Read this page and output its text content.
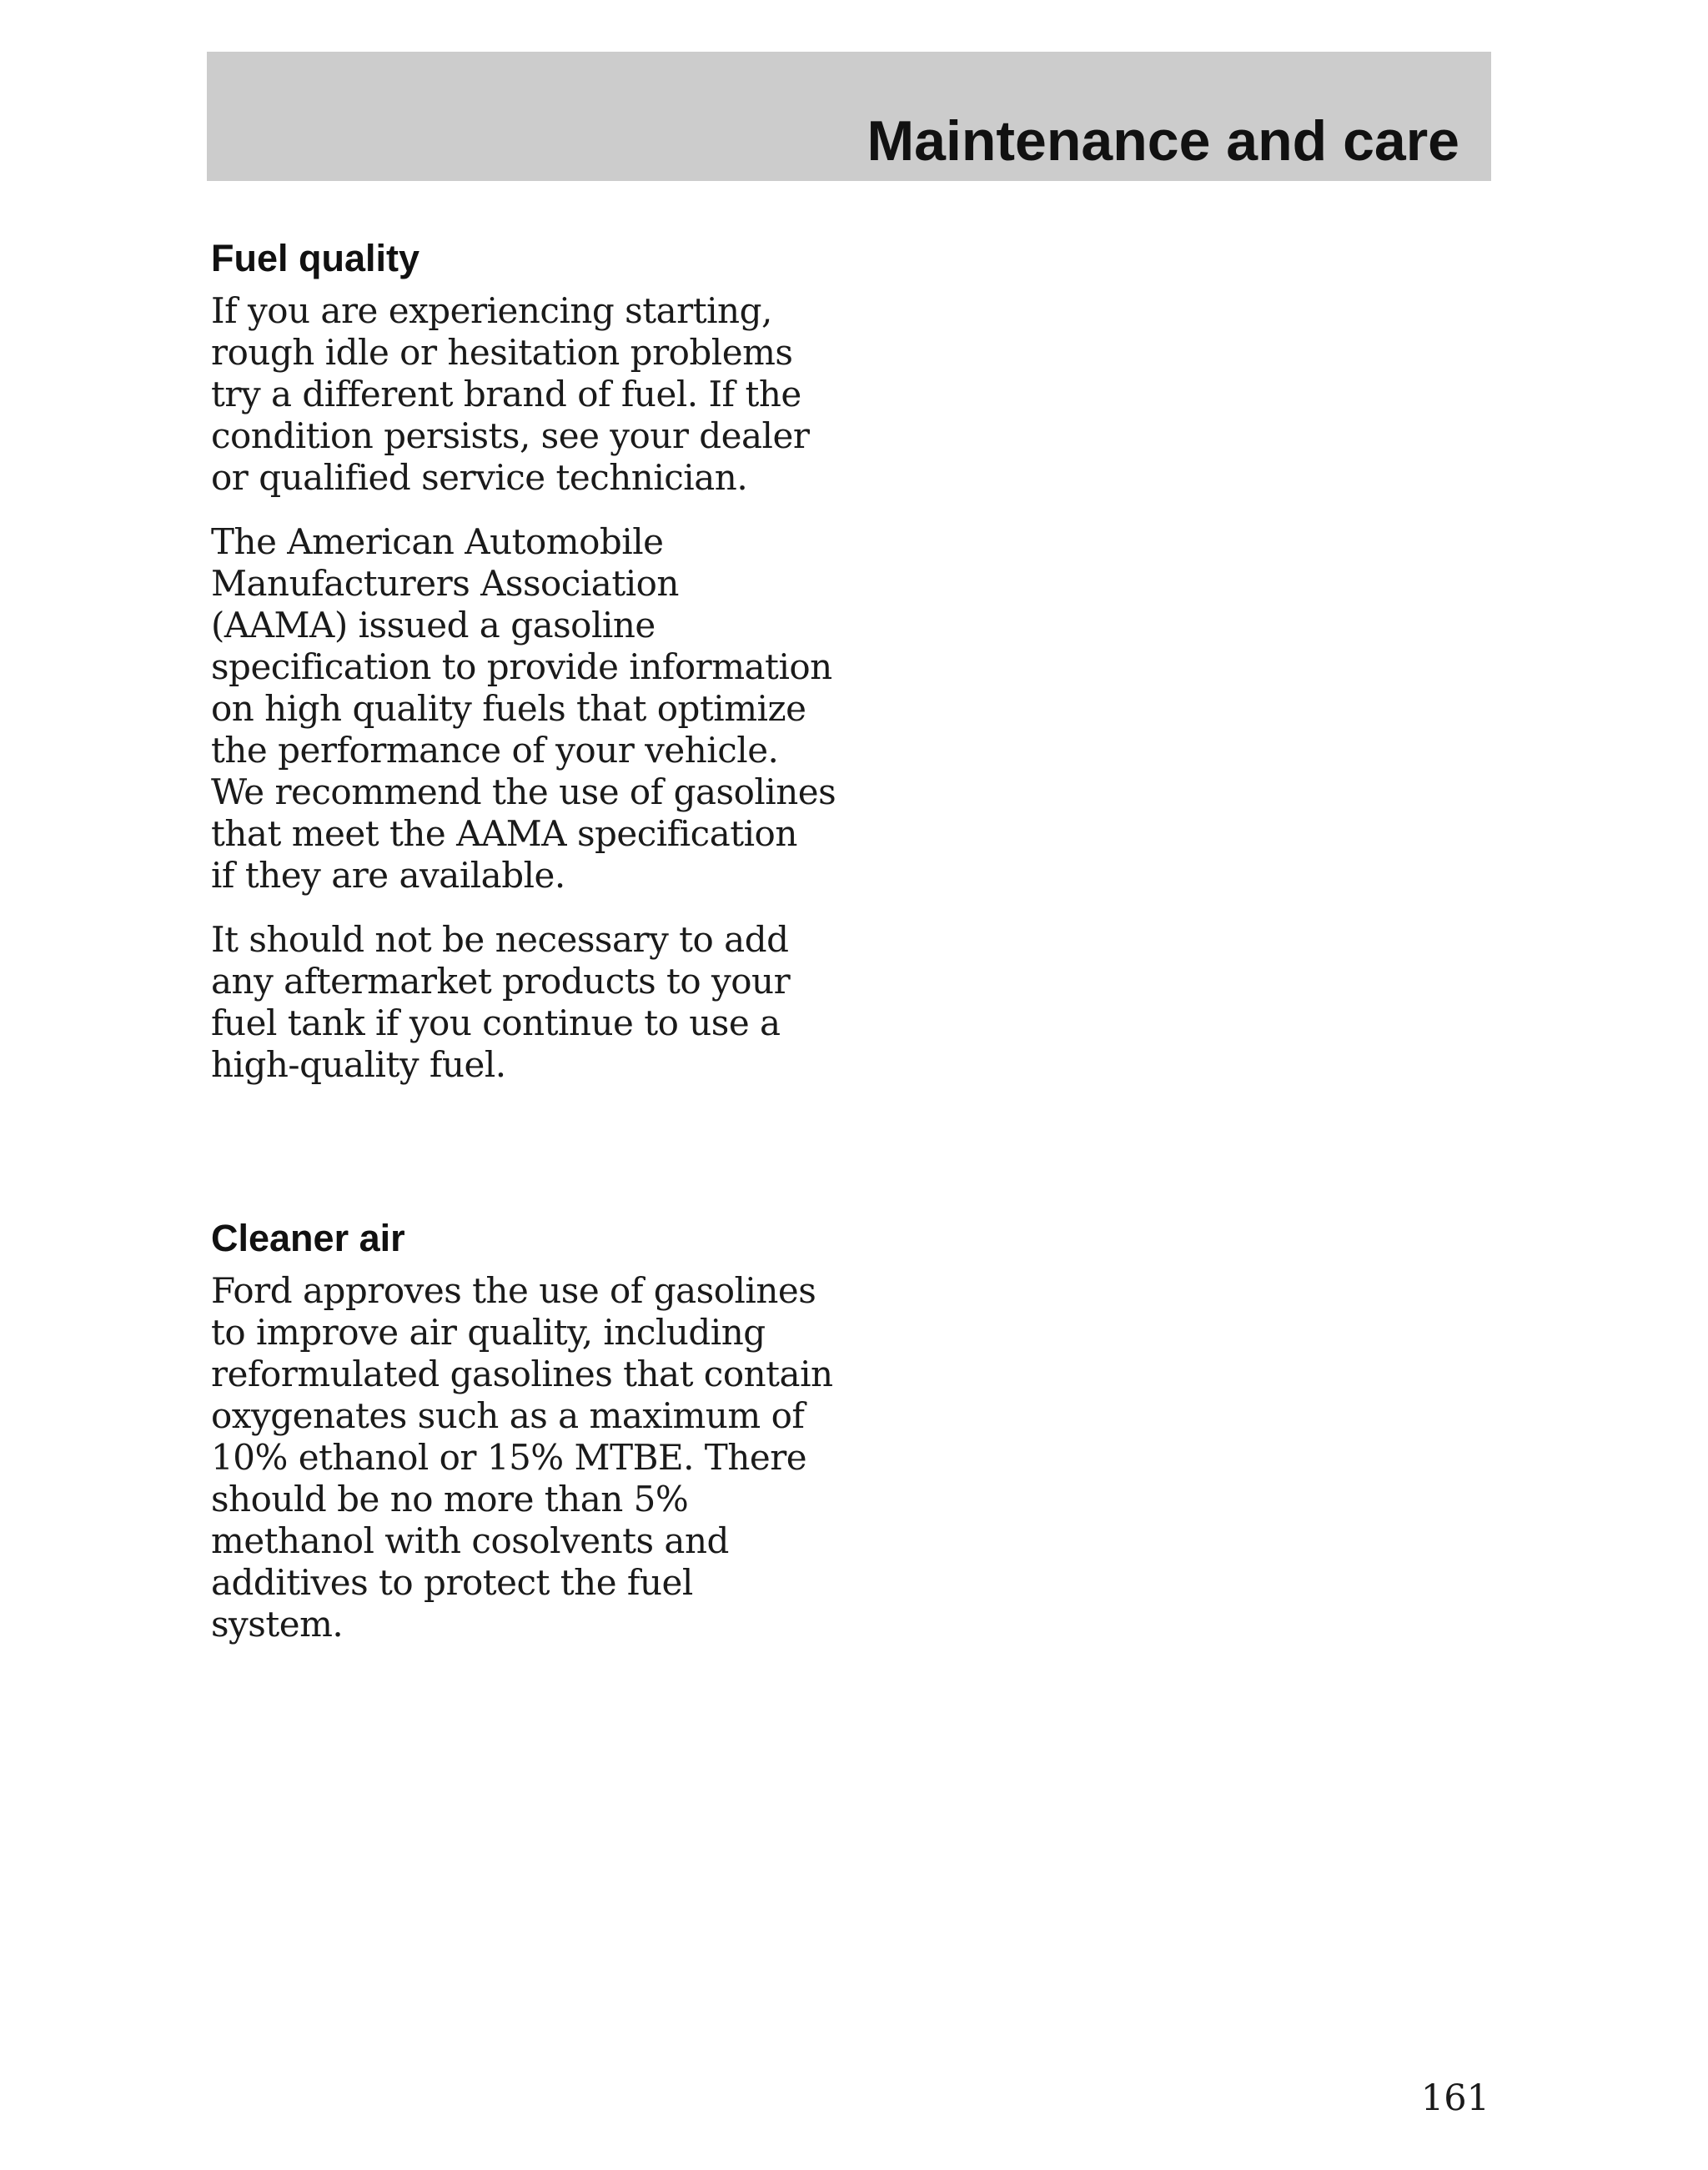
Maintenance and care
Fuel quality

If you are experiencing starting,
rough idle or hesitation problems
try a different brand of fuel. If the
condition persists, see your dealer
or qualified service technician.

The American Automobile
Manufacturers Association
(AAMA) issued a gasoline
specification to provide information
on high quality fuels that optimize
the performance of your vehicle.
We recommend the use of gasolines
that meet the AAMA specification
if they are available.

It should not be necessary to add
any aftermarket products to your
fuel tank if you continue to use a
high-quality fuel.

Cleaner air

Ford approves the use of gasolines
to improve air quality, including
reformulated gasolines that contain
oxygenates such as a maximum of
10% ethanol or 15% MTBE. There
should be no more than 5%
methanol with cosolvents and
additives to protect the fuel
system.

161
